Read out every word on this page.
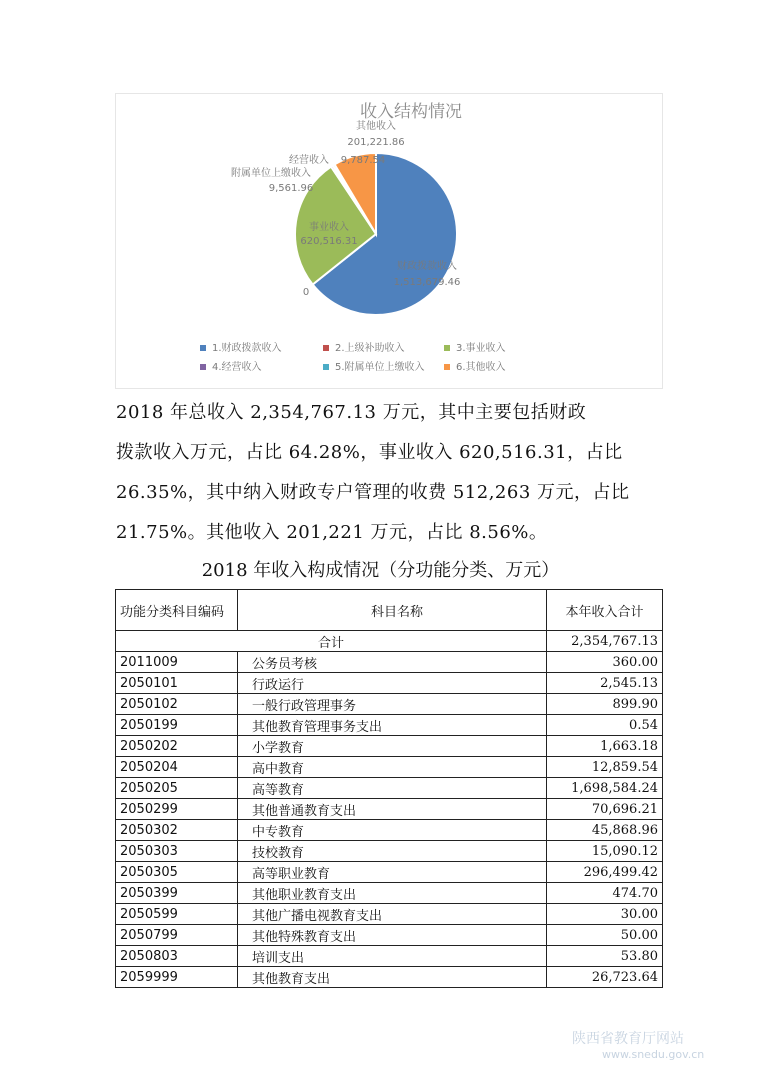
收入结构情况
财政拨款收入
1,513,679.46
0
事业收入
620,516.31
经营收入 9,787.54
附属单位上缴收入
9,561.96
其他收入
201,221.86
1.财政拨款收入	2.上级补助收入	3.事业收入
4.经营收入	5.附属单位上缴收入	6.其他收入

2018 年总收入 2,354,767.13 万元，其中主要包括财政

拨款收入万元，占比 64.28%，事业收入 620,516.31，占比

26.35%，其中纳入财政专户管理的收费 512,263 万元，占比

21.75%。其他收入 201,221 万元，占比 8.56%。

2018 年收入构成情况（分功能分类、万元）
功能分类科目编码	科目名称	本年收入合计
合计		2,354,767.13
2011009	公务员考核	360.00
2050101	行政运行	2,545.13
2050102	一般行政管理事务	899.90
2050199	其他教育管理事务支出	0.54
2050202	小学教育	1,663.18
2050204	高中教育	12,859.54
2050205	高等教育	1,698,584.24
2050299	其他普通教育支出	70,696.21
2050302	中专教育	45,868.96
2050303	技校教育	15,090.12
2050305	高等职业教育	296,499.42
2050399	其他职业教育支出	474.70
2050599	其他广播电视教育支出	30.00
2050799	其他特殊教育支出	50.00
2050803	培训支出	53.80
2059999	其他教育支出	26,723.64
陕西省教育厅网站
www.snedu.gov.cn
